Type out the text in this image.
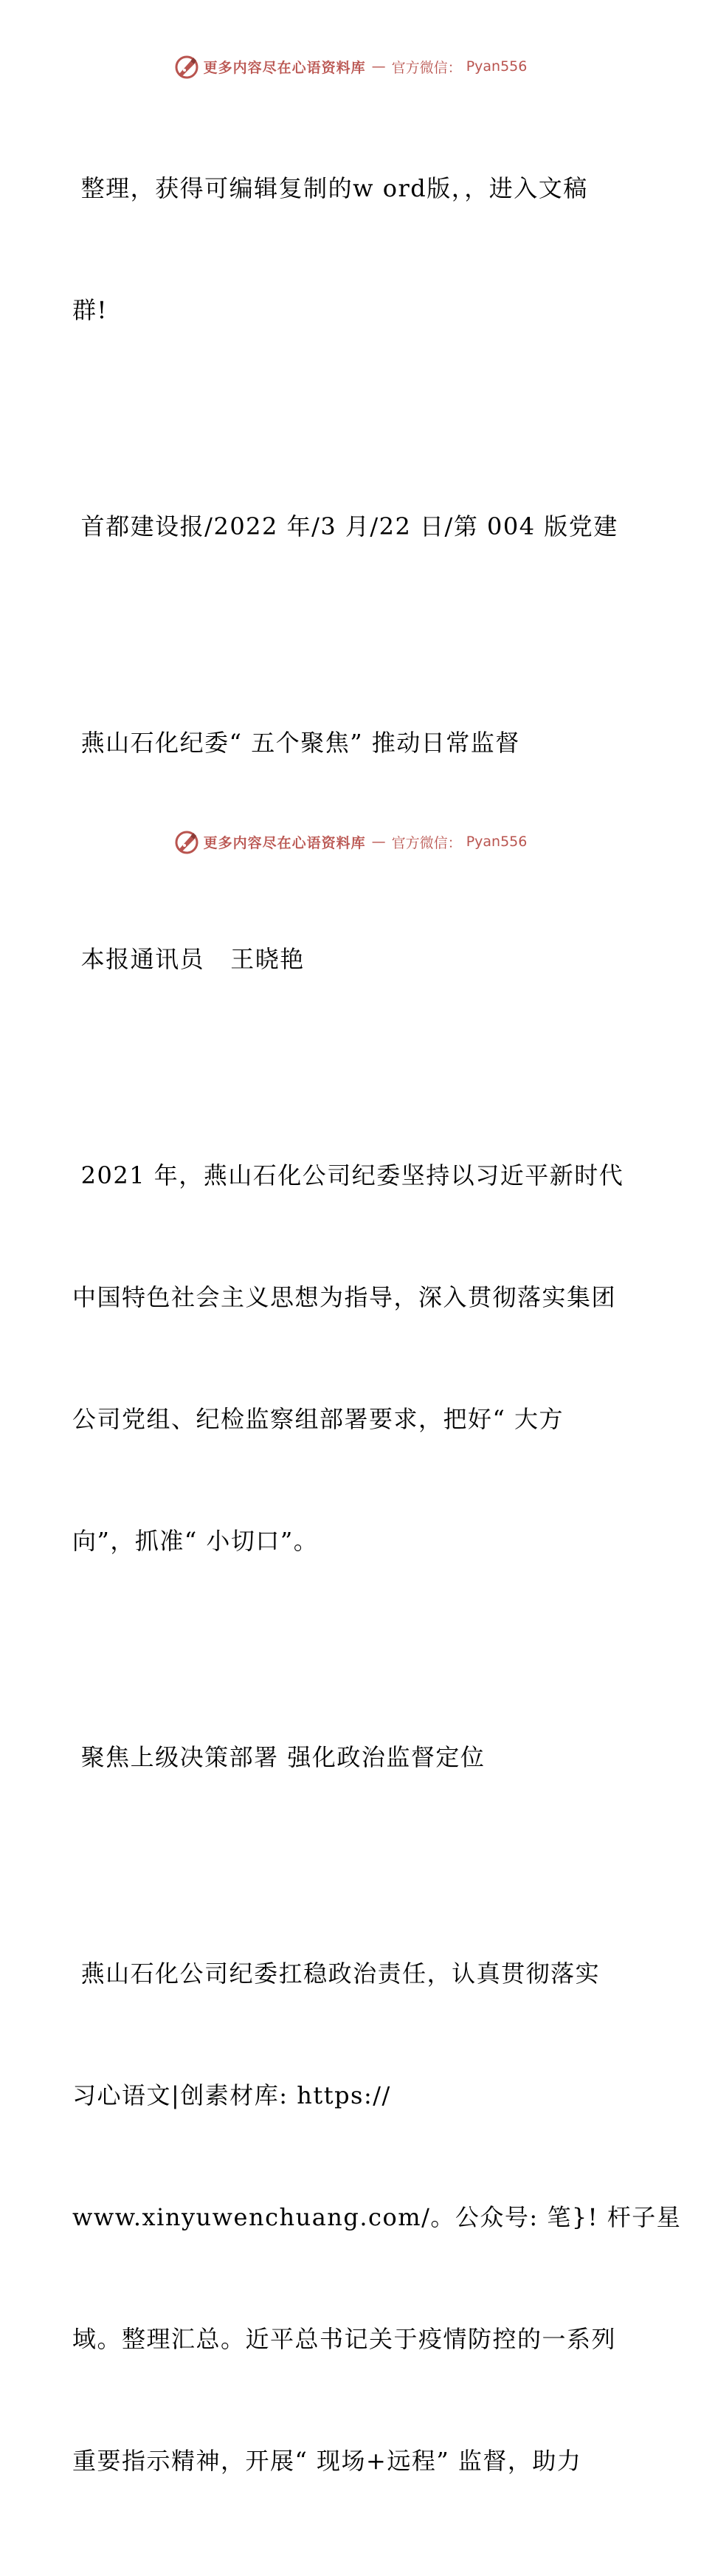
更多内容尽在心语资料库 — 官方微信： Pyan556

整理，获得可编辑复制的w ord版，，进入文稿

群!

首都建设报/2022 年/3 月/22 日/第 004 版党建

燕山石化纪委“ 五个聚焦” 推动日常监督

本报通讯员   王晓艳

2021 年，燕山石化公司纪委坚持以习近平新时代

中国特色社会主义思想为指导，深入贯彻落实集团

公司党组、纪检监察组部署要求，把好“ 大方

向”，抓准“ 小切口”。

聚焦上级决策部署 强化政治监督定位

燕山石化公司纪委扛稳政治责任，认真贯彻落实

习心语文|创素材库: https://

www.xinyuwenchuang.com/。公众号: 笔}! 杆子星

域。整理汇总。近平总书记关于疫情防控的一系列

重要指示精神，开展“ 现场+远程” 监督，助力

更多内容尽在心语资料库 — 官方微信： Pyan556
